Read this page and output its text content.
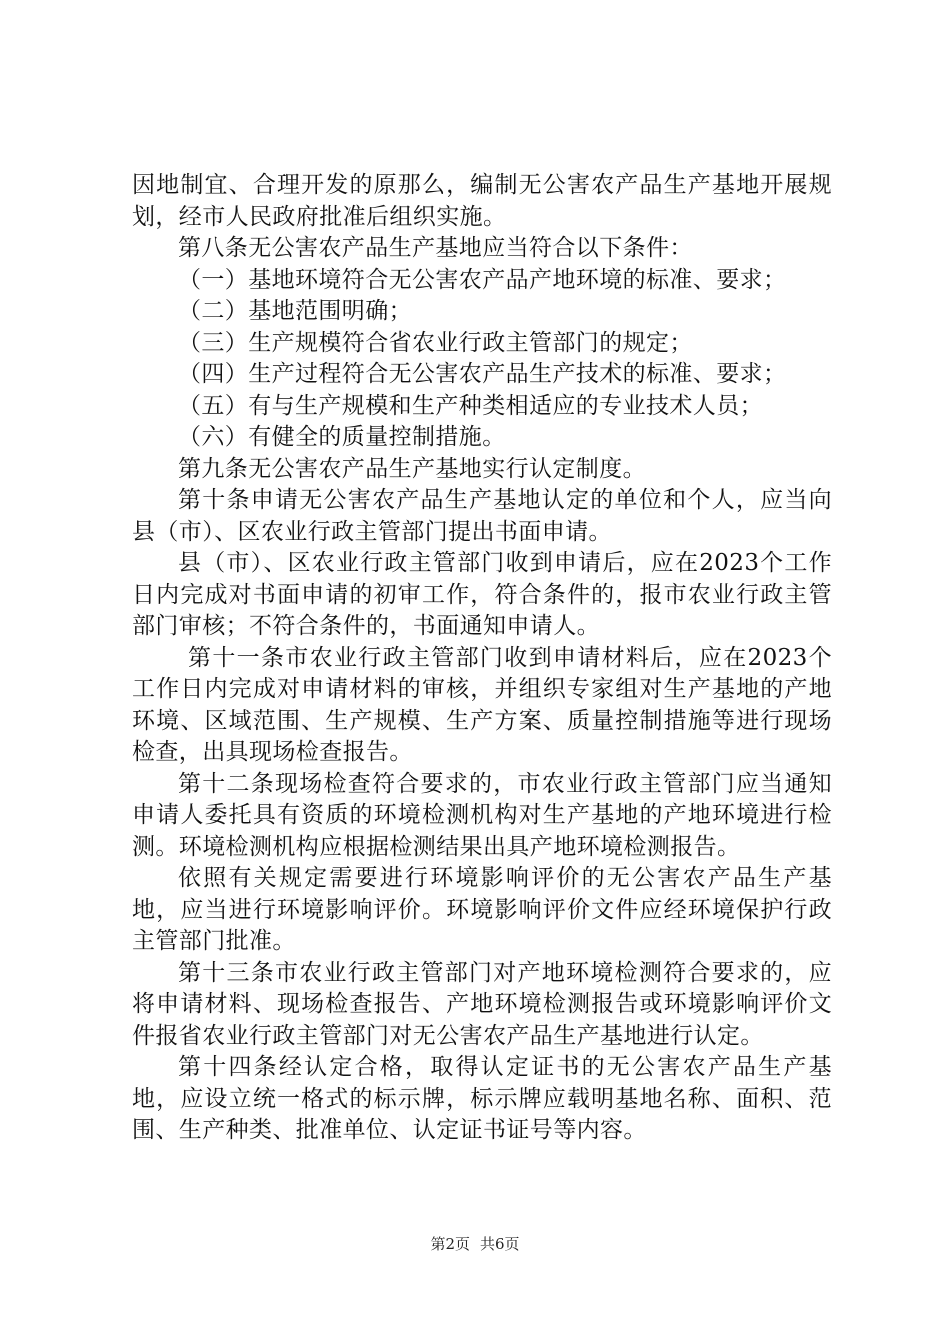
因地制宜、合理开发的原那么，编制无公害农产品生产基地开展规划，经市人民政府批准后组织实施。

第八条无公害农产品生产基地应当符合以下条件：

（一）基地环境符合无公害农产品产地环境的标准、要求；

（二）基地范围明确；

（三）生产规模符合省农业行政主管部门的规定；

（四）生产过程符合无公害农产品生产技术的标准、要求；

（五）有与生产规模和生产种类相适应的专业技术人员；

（六）有健全的质量控制措施。

第九条无公害农产品生产基地实行认定制度。

第十条申请无公害农产品生产基地认定的单位和个人，应当向县（市）、区农业行政主管部门提出书面申请。

县（市）、区农业行政主管部门收到申请后，应在2023个工作日内完成对书面申请的初审工作，符合条件的，报市农业行政主管部门审核；不符合条件的，书面通知申请人。

第十一条市农业行政主管部门收到申请材料后，应在2023个工作日内完成对申请材料的审核，并组织专家组对生产基地的产地环境、区域范围、生产规模、生产方案、质量控制措施等进行现场检查，出具现场检查报告。

第十二条现场检查符合要求的，市农业行政主管部门应当通知申请人委托具有资质的环境检测机构对生产基地的产地环境进行检测。环境检测机构应根据检测结果出具产地环境检测报告。

依照有关规定需要进行环境影响评价的无公害农产品生产基地，应当进行环境影响评价。环境影响评价文件应经环境保护行政主管部门批准。

第十三条市农业行政主管部门对产地环境检测符合要求的，应将申请材料、现场检查报告、产地环境检测报告或环境影响评价文件报省农业行政主管部门对无公害农产品生产基地进行认定。

第十四条经认定合格，取得认定证书的无公害农产品生产基地，应设立统一格式的标示牌，标示牌应载明基地名称、面积、范围、生产种类、批准单位、认定证书证号等内容。

第2页 共6页
